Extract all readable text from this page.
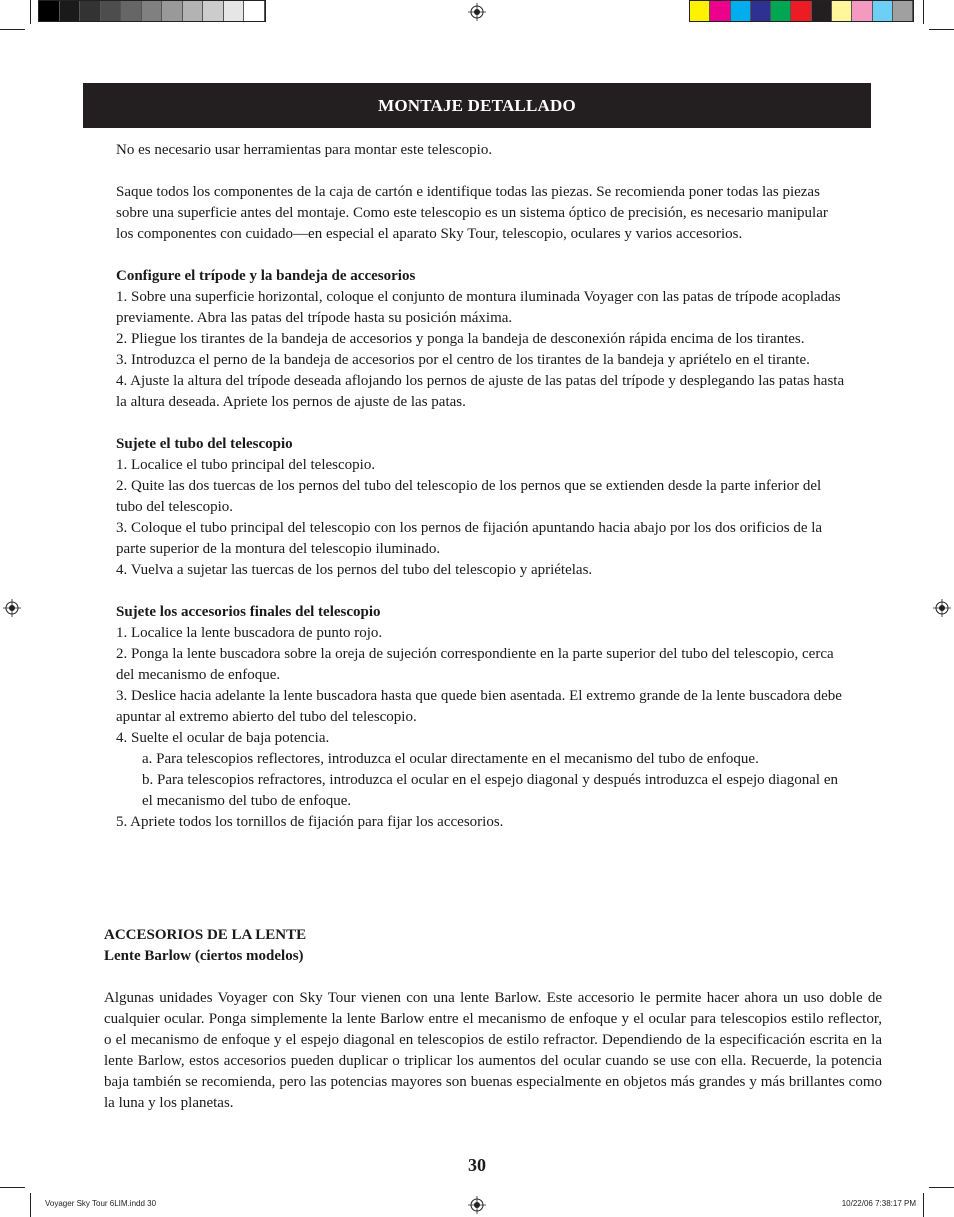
MONTAJE DETALLADO

No es necesario usar herramientas para montar este telescopio.

Saque todos los componentes de la caja de cartón e identifique todas las piezas. Se recomienda poner todas las piezas sobre una superficie antes del montaje. Como este telescopio es un sistema óptico de precisión, es necesario manipular los componentes con cuidado—en especial el aparato Sky Tour, telescopio, oculares y varios accesorios.

Configure el trípode y la bandeja de accesorios
1. Sobre una superficie horizontal, coloque el conjunto de montura iluminada Voyager con las patas de trípode acopladas previamente. Abra las patas del trípode hasta su posición máxima.
2. Pliegue los tirantes de la bandeja de accesorios y ponga la bandeja de desconexión rápida encima de los tirantes.
3. Introduzca el perno de la bandeja de accesorios por el centro de los tirantes de la bandeja y apriételo en el tirante.
4. Ajuste la altura del trípode deseada aflojando los pernos de ajuste de las patas del trípode y desplegando las patas hasta la altura deseada. Apriete los pernos de ajuste de las patas.
Sujete el tubo del telescopio
1. Localice el tubo principal del telescopio.
2. Quite las dos tuercas de los pernos del tubo del telescopio de los pernos que se extienden desde la parte inferior del tubo del telescopio.
3. Coloque el tubo principal del telescopio con los pernos de fijación apuntando hacia abajo por los dos orificios de la parte superior de la montura del telescopio iluminado.
4. Vuelva a sujetar las tuercas de los pernos del tubo del telescopio y apriételas.
Sujete los accesorios finales del telescopio
1. Localice la lente buscadora de punto rojo.
2. Ponga la lente buscadora sobre la oreja de sujeción correspondiente en la parte superior del tubo del telescopio, cerca del mecanismo de enfoque.
3. Deslice hacia adelante la lente buscadora hasta que quede bien asentada. El extremo grande de la lente buscadora debe apuntar al extremo abierto del tubo del telescopio.
4. Suelte el ocular de baja potencia.
a. Para telescopios reflectores, introduzca el ocular directamente en el mecanismo del tubo de enfoque.
b. Para telescopios refractores, introduzca el ocular en el espejo diagonal y después introduzca el espejo diagonal en el mecanismo del tubo de enfoque.
5. Apriete todos los tornillos de fijación para fijar los accesorios.
ACCESORIOS DE LA LENTE
Lente Barlow (ciertos modelos)

Algunas unidades Voyager con Sky Tour vienen con una lente Barlow. Este accesorio le permite hacer ahora un uso doble de cualquier ocular. Ponga simplemente la lente Barlow entre el mecanismo de enfoque y el ocular para telescopios estilo reflector, o el mecanismo de enfoque y el espejo diagonal en telescopios de estilo refractor. Dependiendo de la especificación escrita en la lente Barlow, estos accesorios pueden duplicar o triplicar los aumentos del ocular cuando se use con ella. Recuerde, la potencia baja también se recomienda, pero las potencias mayores son buenas especialmente en objetos más grandes y más brillantes como la luna y los planetas.

30
Voyager Sky Tour 6LIM.indd 30	10/22/06 7:38:17 PM
